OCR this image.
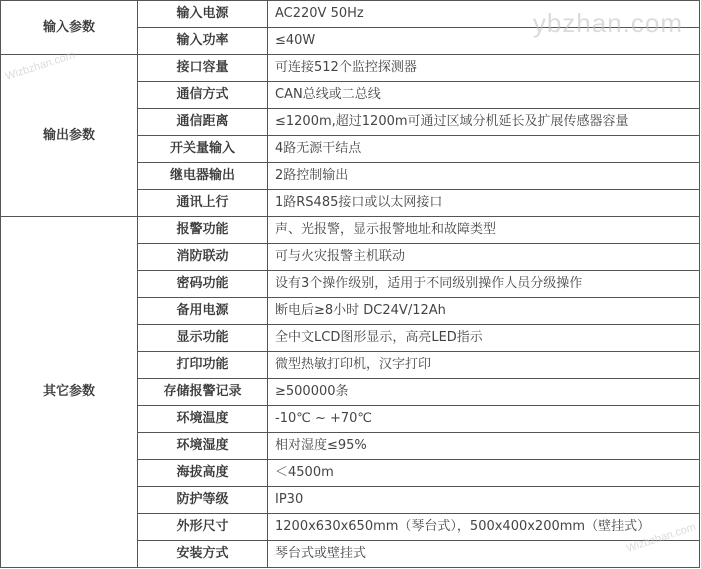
输入参数	输入电源	AC220V 50Hz
	输入功率	≤40W
输出参数	接口容量	可连接512个监控探测器
	通信方式	CAN总线或二总线
	通信距离	≤1200m,超过1200m可通过区域分机延长及扩展传感器容量
	开关量输入	4路无源干结点
	继电器输出	2路控制输出
	通讯上行	1路RS485接口或以太网接口
其它参数	报警功能	声、光报警，显示报警地址和故障类型
	消防联动	可与火灾报警主机联动
	密码功能	设有3个操作级别，适用于不同级别操作人员分级操作
	备用电源	断电后≥8小时 DC24V/12Ah
	显示功能	全中文LCD图形显示，高亮LED指示
	打印功能	微型热敏打印机，汉字打印
	存储报警记录	≥500000条
	环境温度	-10℃ ~ +70℃
	环境湿度	相对湿度≤95%
	海拔高度	＜4500m
	防护等级	IP30
	外形尺寸	1200x630x650mm（琴台式），500x400x200mm（壁挂式）
	安装方式	琴台式或壁挂式
ybzhan.com
Wizbzhan.com
Wizbzhan.com
